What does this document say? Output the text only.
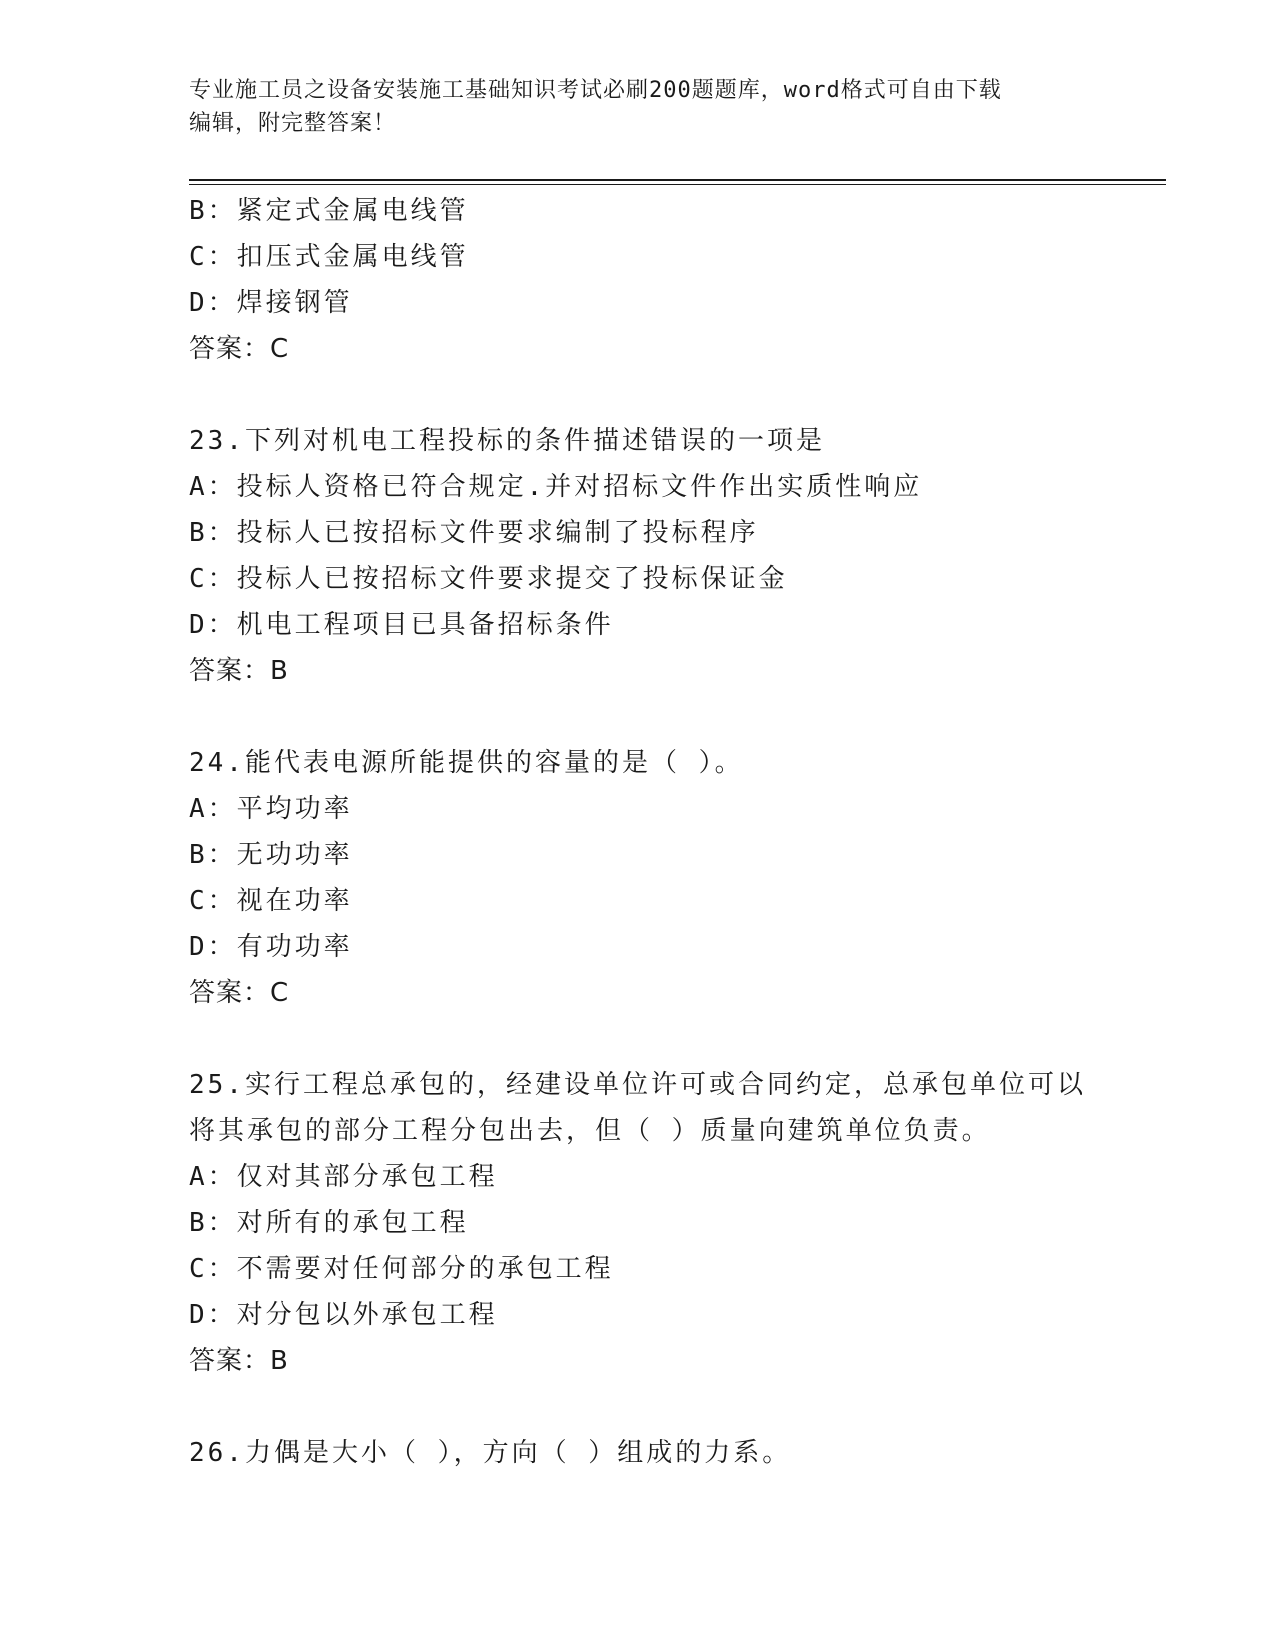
专业施工员之设备安装施工基础知识考试必刷200题题库，word格式可自由下载
编辑，附完整答案！
B：紧定式金属电线管
C：扣压式金属电线管
D：焊接钢管
答案：C
23.下列对机电工程投标的条件描述错误的一项是
A：投标人资格已符合规定.并对招标文件作出实质性响应
B：投标人已按招标文件要求编制了投标程序
C：投标人已按招标文件要求提交了投标保证金
D：机电工程项目已具备招标条件
答案：B
24.能代表电源所能提供的容量的是（ ）。
A：平均功率
B：无功功率
C：视在功率
D：有功功率
答案：C
25.实行工程总承包的，经建设单位许可或合同约定，总承包单位可以
将其承包的部分工程分包出去，但（ ）质量向建筑单位负责。
A：仅对其部分承包工程
B：对所有的承包工程
C：不需要对任何部分的承包工程
D：对分包以外承包工程
答案：B
26.力偶是大小（ ），方向（ ）组成的力系。
